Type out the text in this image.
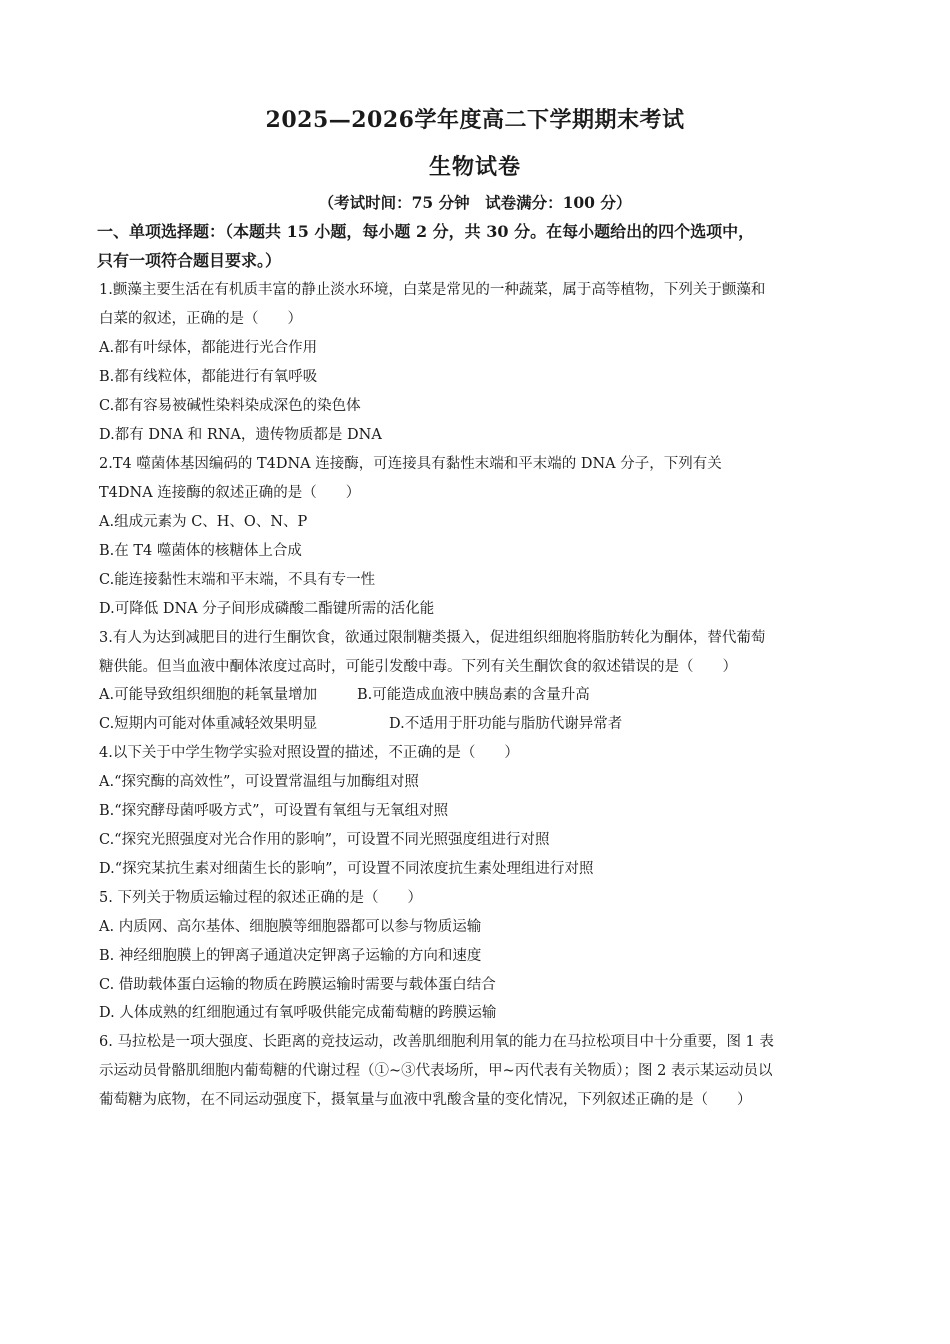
2025—2026学年度高二下学期期末考试
生物试卷
（考试时间：75 分钟　试卷满分：100 分）
一、单项选择题：（本题共 15 小题，每小题 2 分，共 30 分。在每小题给出的四个选项中，
只有一项符合题目要求。）
1.颤藻主要生活在有机质丰富的静止淡水环境，白菜是常见的一种蔬菜，属于高等植物，下列关于颤藻和
白菜的叙述，正确的是（　　）
A.都有叶绿体，都能进行光合作用
B.都有线粒体，都能进行有氧呼吸
C.都有容易被碱性染料染成深色的染色体
D.都有 DNA 和 RNA，遗传物质都是 DNA
2.T4 噬菌体基因编码的 T4DNA 连接酶，可连接具有黏性末端和平末端的 DNA 分子，下列有关
T4DNA 连接酶的叙述正确的是（　　）
A.组成元素为 C、H、O、N、P
B.在 T4 噬菌体的核糖体上合成
C.能连接黏性末端和平末端，不具有专一性
D.可降低 DNA 分子间形成磷酸二酯键所需的活化能
3.有人为达到减肥目的进行生酮饮食，欲通过限制糖类摄入，促进组织细胞将脂肪转化为酮体，替代葡萄
糖供能。但当血液中酮体浓度过高时，可能引发酸中毒。下列有关生酮饮食的叙述错误的是（　　）
A.可能导致组织细胞的耗氧量增加	B.可能造成血液中胰岛素的含量升高
C.短期内可能对体重减轻效果明显	D.不适用于肝功能与脂肪代谢异常者
4.以下关于中学生物学实验对照设置的描述，不正确的是（　　）
A.“探究酶的高效性”，可设置常温组与加酶组对照
B.“探究酵母菌呼吸方式”，可设置有氧组与无氧组对照
C.“探究光照强度对光合作用的影响”，可设置不同光照强度组进行对照
D.“探究某抗生素对细菌生长的影响”，可设置不同浓度抗生素处理组进行对照
5. 下列关于物质运输过程的叙述正确的是（　　）
A. 内质网、高尔基体、细胞膜等细胞器都可以参与物质运输
B. 神经细胞膜上的钾离子通道决定钾离子运输的方向和速度
C. 借助载体蛋白运输的物质在跨膜运输时需要与载体蛋白结合
D. 人体成熟的红细胞通过有氧呼吸供能完成葡萄糖的跨膜运输
6. 马拉松是一项大强度、长距离的竞技运动，改善肌细胞利用氧的能力在马拉松项目中十分重要，图 1 表
示运动员骨骼肌细胞内葡萄糖的代谢过程（①~③代表场所，甲~丙代表有关物质）；图 2 表示某运动员以
葡萄糖为底物，在不同运动强度下，摄氧量与血液中乳酸含量的变化情况，下列叙述正确的是（　　）
